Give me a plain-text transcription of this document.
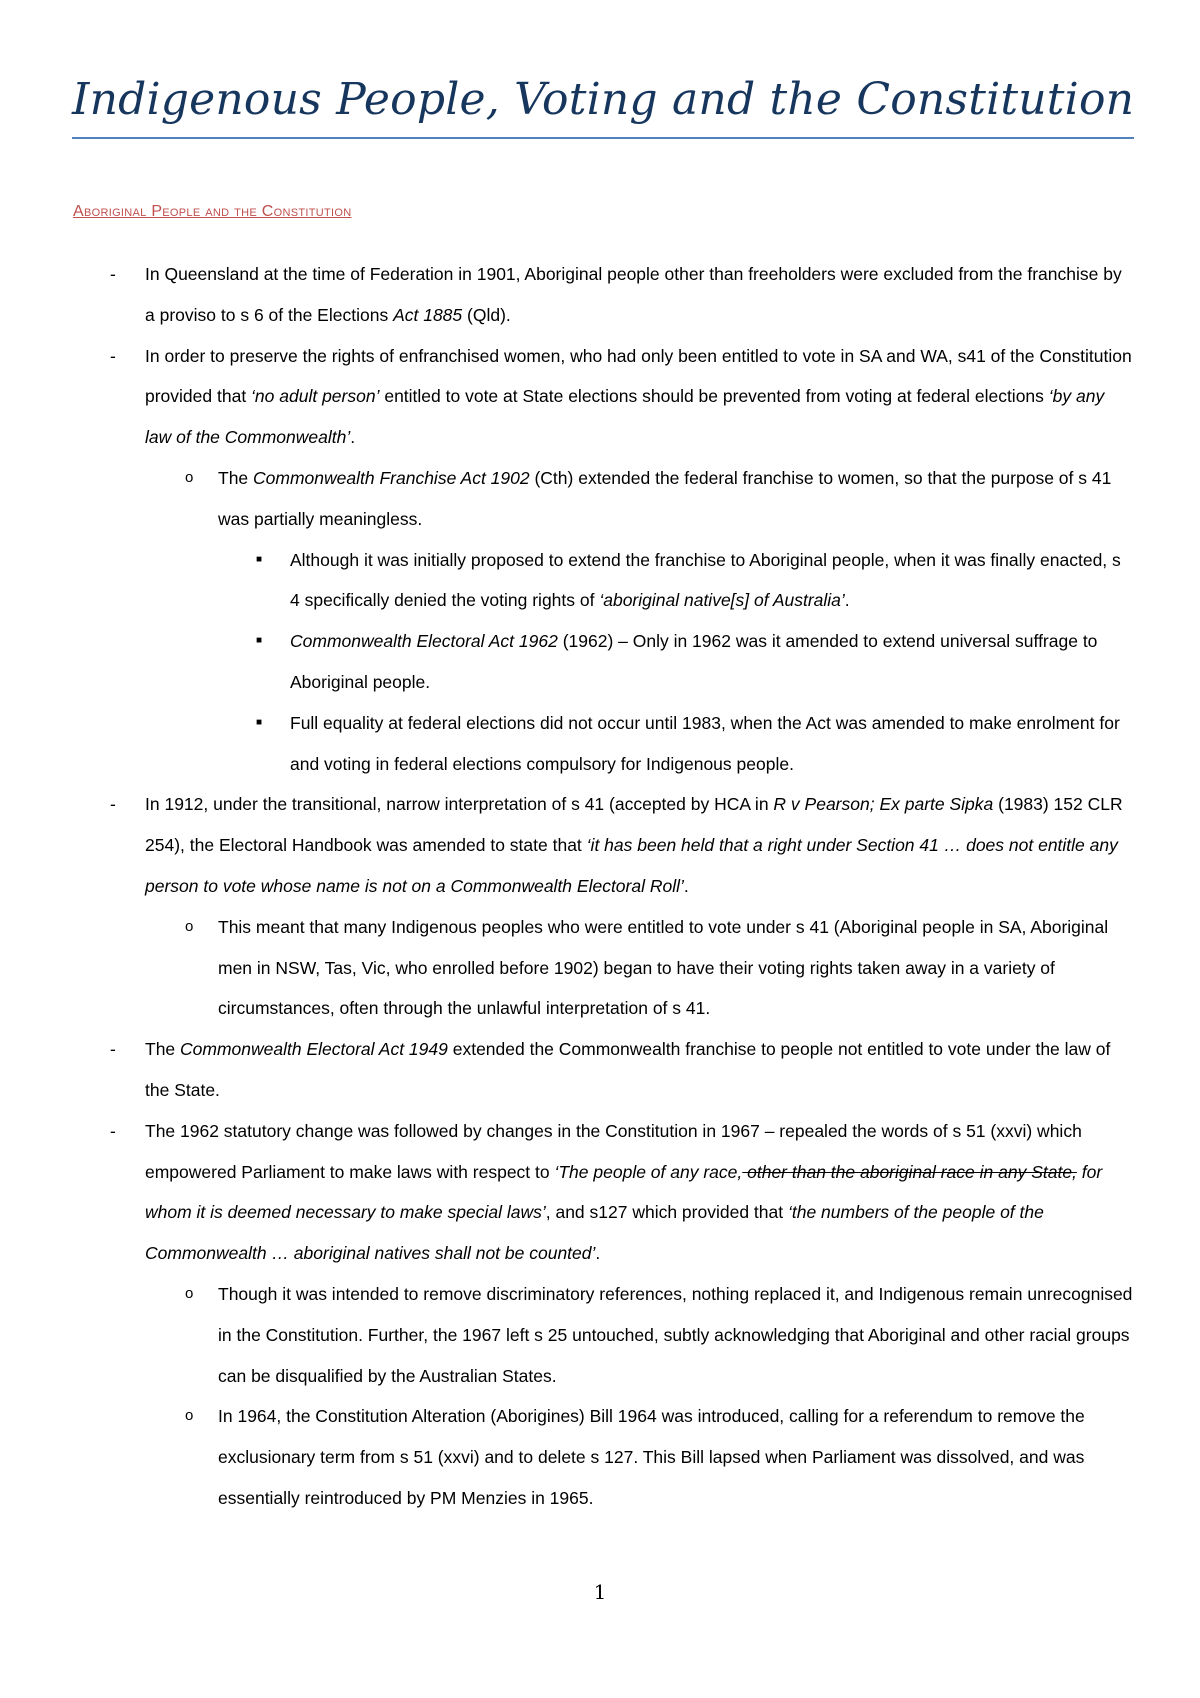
Indigenous People, Voting and the Constitution
Aboriginal People and the Constitution
- In Queensland at the time of Federation in 1901, Aboriginal people other than freeholders were excluded from the franchise by a proviso to s 6 of the Elections Act 1885 (Qld).
- In order to preserve the rights of enfranchised women, who had only been entitled to vote in SA and WA, s41 of the Constitution provided that ‘no adult person’ entitled to vote at State elections should be prevented from voting at federal elections ‘by any law of the Commonwealth’.
o The Commonwealth Franchise Act 1902 (Cth) extended the federal franchise to women, so that the purpose of s 41 was partially meaningless.
■ Although it was initially proposed to extend the franchise to Aboriginal people, when it was finally enacted, s 4 specifically denied the voting rights of ‘aboriginal native[s] of Australia’.
■ Commonwealth Electoral Act 1962 (1962) – Only in 1962 was it amended to extend universal suffrage to Aboriginal people.
■ Full equality at federal elections did not occur until 1983, when the Act was amended to make enrolment for and voting in federal elections compulsory for Indigenous people.
- In 1912, under the transitional, narrow interpretation of s 41 (accepted by HCA in R v Pearson; Ex parte Sipka (1983) 152 CLR 254), the Electoral Handbook was amended to state that ‘it has been held that a right under Section 41 … does not entitle any person to vote whose name is not on a Commonwealth Electoral Roll’.
o This meant that many Indigenous peoples who were entitled to vote under s 41 (Aboriginal people in SA, Aboriginal men in NSW, Tas, Vic, who enrolled before 1902) began to have their voting rights taken away in a variety of circumstances, often through the unlawful interpretation of s 41.
- The Commonwealth Electoral Act 1949 extended the Commonwealth franchise to people not entitled to vote under the law of the State.
- The 1962 statutory change was followed by changes in the Constitution in 1967 – repealed the words of s 51 (xxvi) which empowered Parliament to make laws with respect to ‘The people of any race, other than the aboriginal race in any State, for whom it is deemed necessary to make special laws’, and s127 which provided that ‘the numbers of the people of the Commonwealth … aboriginal natives shall not be counted’.
o Though it was intended to remove discriminatory references, nothing replaced it, and Indigenous remain unrecognised in the Constitution. Further, the 1967 left s 25 untouched, subtly acknowledging that Aboriginal and other racial groups can be disqualified by the Australian States.
o In 1964, the Constitution Alteration (Aborigines) Bill 1964 was introduced, calling for a referendum to remove the exclusionary term from s 51 (xxvi) and to delete s 127. This Bill lapsed when Parliament was dissolved, and was essentially reintroduced by PM Menzies in 1965.
1
